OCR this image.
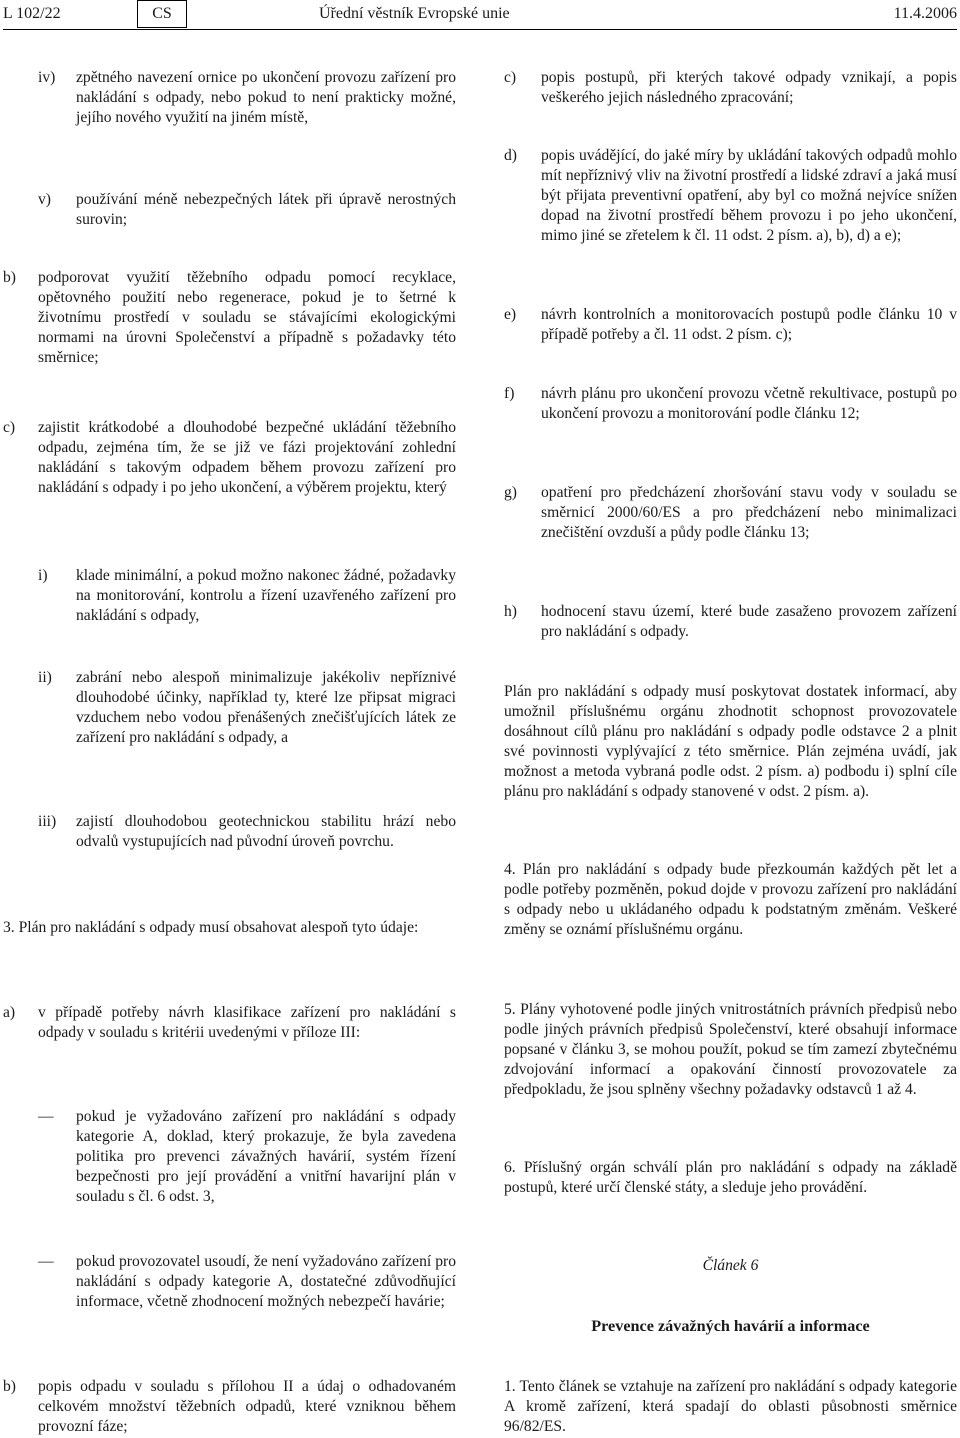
L 102/22	CS	Úřední věstník Evropské unie	11.4.2006
iv) zpětného navezení ornice po ukončení provozu zařízení pro nakládání s odpady, nebo pokud to není prakticky možné, jejího nového využití na jiném místě,
v) používání méně nebezpečných látek při úpravě nerostných surovin;
b) podporovat využití těžebního odpadu pomocí recyklace, opětovného použití nebo regenerace, pokud je to šetrné k životnímu prostředí v souladu se stávajícími ekologickými normami na úrovni Společenství a případně s požadavky této směrnice;
c) zajistit krátkodobé a dlouhodobé bezpečné ukládání těžebního odpadu, zejména tím, že se již ve fázi projektování zohlední nakládání s takovým odpadem během provozu zařízení pro nakládání s odpady i po jeho ukončení, a výběrem projektu, který
i) klade minimální, a pokud možno nakonec žádné, požadavky na monitorování, kontrolu a řízení uzavřeného zařízení pro nakládání s odpady,
ii) zabrání nebo alespoň minimalizuje jakékoliv nepříznivé dlouhodobé účinky, například ty, které lze připsat migraci vzduchem nebo vodou přenášených znečišťujících látek ze zařízení pro nakládání s odpady, a
iii) zajistí dlouhodobou geotechnickou stabilitu hrází nebo odvalů vystupujících nad původní úroveň povrchu.
3. Plán pro nakládání s odpady musí obsahovat alespoň tyto údaje:
a) v případě potřeby návrh klasifikace zařízení pro nakládání s odpady v souladu s kritérii uvedenými v příloze III:
— pokud je vyžadováno zařízení pro nakládání s odpady kategorie A, doklad, který prokazuje, že byla zavedena politika pro prevenci závažných havárií, systém řízení bezpečnosti pro její provádění a vnitřní havarijní plán v souladu s čl. 6 odst. 3,
— pokud provozovatel usoudí, že není vyžadováno zařízení pro nakládání s odpady kategorie A, dostatečné zdůvodňující informace, včetně zhodnocení možných nebezpečí havárie;
b) popis odpadu v souladu s přílohou II a údaj o odhadovaném celkovém množství těžebních odpadů, které vzniknou během provozní fáze;
c) popis postupů, při kterých takové odpady vznikají, a popis veškerého jejich následného zpracování;
d) popis uvádějící, do jaké míry by ukládání takových odpadů mohlo mít nepříznivý vliv na životní prostředí a lidské zdraví a jaká musí být přijata preventivní opatření, aby byl co možná nejvíce snížen dopad na životní prostředí během provozu i po jeho ukončení, mimo jiné se zřetelem k čl. 11 odst. 2 písm. a), b), d) a e);
e) návrh kontrolních a monitorovacích postupů podle článku 10 v případě potřeby a čl. 11 odst. 2 písm. c);
f) návrh plánu pro ukončení provozu včetně rekultivace, postupů po ukončení provozu a monitorování podle článku 12;
g) opatření pro předcházení zhoršování stavu vody v souladu se směrnicí 2000/60/ES a pro předcházení nebo minimalizaci znečištění ovzduší a půdy podle článku 13;
h) hodnocení stavu území, které bude zasaženo provozem zařízení pro nakládání s odpady.
Plán pro nakládání s odpady musí poskytovat dostatek informací, aby umožnil příslušnému orgánu zhodnotit schopnost provozovatele dosáhnout cílů plánu pro nakládání s odpady podle odstavce 2 a plnit své povinnosti vyplývající z této směrnice. Plán zejména uvádí, jak možnost a metoda vybraná podle odst. 2 písm. a) podbodu i) splní cíle plánu pro nakládání s odpady stanovené v odst. 2 písm. a).
4. Plán pro nakládání s odpady bude přezkoumán každých pět let a podle potřeby pozměněn, pokud dojde v provozu zařízení pro nakládání s odpady nebo u ukládaného odpadu k podstatným změnám. Veškeré změny se oznámí příslušnému orgánu.
5. Plány vyhotovené podle jiných vnitrostátních právních předpisů nebo podle jiných právních předpisů Společenství, které obsahují informace popsané v článku 3, se mohou použít, pokud se tím zamezí zbytečnému zdvojování informací a opakování činností provozovatele za předpokladu, že jsou splněny všechny požadavky odstavců 1 až 4.
6. Příslušný orgán schválí plán pro nakládání s odpady na základě postupů, které určí členské státy, a sleduje jeho provádění.
Článek 6
Prevence závažných havárií a informace
1. Tento článek se vztahuje na zařízení pro nakládání s odpady kategorie A kromě zařízení, která spadají do oblasti působnosti směrnice 96/82/ES.
